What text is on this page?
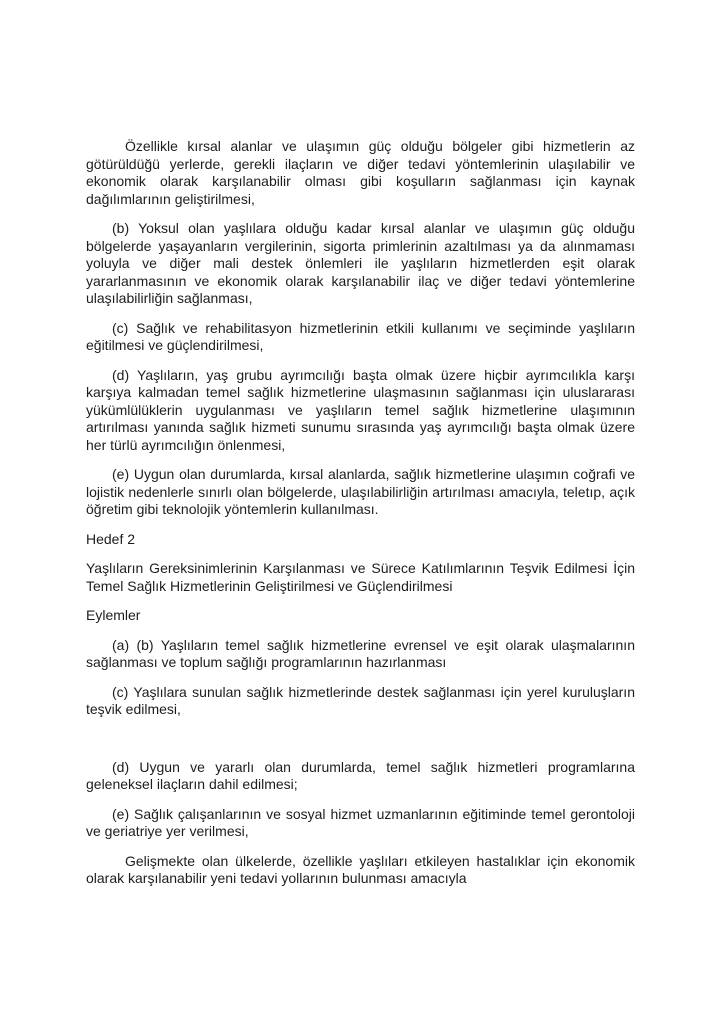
Özellikle kırsal alanlar ve ulaşımın güç olduğu bölgeler gibi hizmetlerin az götürüldüğü yerlerde, gerekli ilaçların ve diğer tedavi yöntemlerinin ulaşılabilir ve ekonomik olarak karşılanabilir olması gibi koşulların sağlanması için kaynak dağılımlarının geliştirilmesi,

(b) Yoksul olan yaşlılara olduğu kadar kırsal alanlar ve ulaşımın güç olduğu bölgelerde yaşayanların vergilerinin, sigorta primlerinin azaltılması ya da alınmaması yoluyla ve diğer mali destek önlemleri ile yaşlıların hizmetlerden eşit olarak yararlanmasının ve ekonomik olarak karşılanabilir ilaç ve diğer tedavi yöntemlerine ulaşılabilirliğin sağlanması,

(c) Sağlık ve rehabilitasyon hizmetlerinin etkili kullanımı ve seçiminde yaşlıların eğitilmesi ve güçlendirilmesi,

(d) Yaşlıların, yaş grubu ayrımcılığı başta olmak üzere hiçbir ayrımcılıkla karşı karşıya kalmadan temel sağlık hizmetlerine ulaşmasının sağlanması için uluslararası yükümlülüklerin uygulanması ve yaşlıların temel sağlık hizmetlerine ulaşımının artırılması yanında sağlık hizmeti sunumu sırasında yaş ayrımcılığı başta olmak üzere her türlü ayrımcılığın önlenmesi,

(e) Uygun olan durumlarda, kırsal alanlarda, sağlık hizmetlerine ulaşımın coğrafi ve lojistik nedenlerle sınırlı olan bölgelerde, ulaşılabilirliğin artırılması amacıyla, teletıp, açık öğretim gibi teknolojik yöntemlerin kullanılması.

Hedef 2

Yaşlıların Gereksinimlerinin Karşılanması ve Sürece Katılımlarının Teşvik Edilmesi İçin Temel Sağlık Hizmetlerinin Geliştirilmesi ve Güçlendirilmesi

Eylemler

(a) (b) Yaşlıların temel sağlık hizmetlerine evrensel ve eşit olarak ulaşmalarının sağlanması ve toplum sağlığı programlarının hazırlanması

(c) Yaşlılara sunulan sağlık hizmetlerinde destek sağlanması için yerel kuruluşların teşvik edilmesi,

(d) Uygun ve yararlı olan durumlarda, temel sağlık hizmetleri programlarına geleneksel ilaçların dahil edilmesi;

(e) Sağlık çalışanlarının ve sosyal hizmet uzmanlarının eğitiminde temel gerontoloji ve geriatriye yer verilmesi,

Gelişmekte olan ülkelerde, özellikle yaşlıları etkileyen hastalıklar için ekonomik olarak karşılanabilir yeni tedavi yollarının bulunması amacıyla
